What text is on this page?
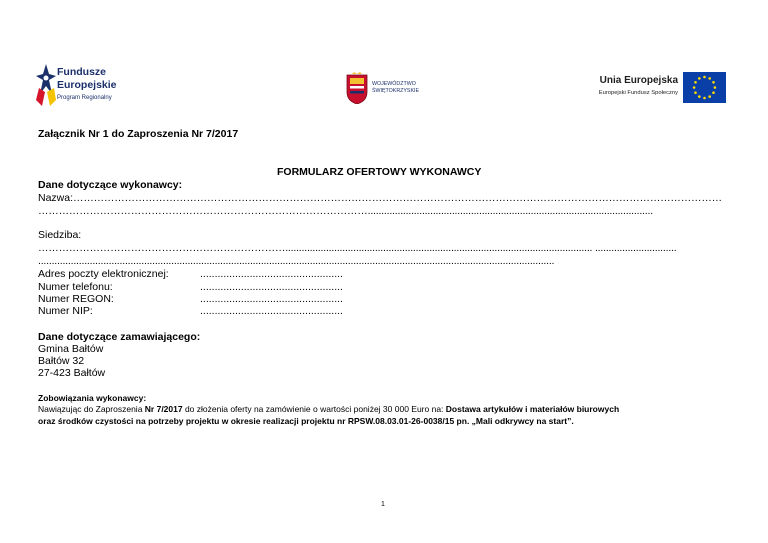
Fundusze
Europejskie
Program Regionalny
WOJEWÓDZTWO
ŚWIĘTOKRZYSKIE
Unia Europejska
Europejski Fundusz Społeczny
Załącznik Nr 1 do Zaproszenia Nr 7/2017
FORMULARZ OFERTOWY WYKONAWCY
Dane dotyczące wykonawcy:
Nazwa:………………………………………………………………………………………………………………………………………………………………………
…………………………………………………………………………………….........................................................................................................
Siedziba:
………………………………………………………………................................................................................................................. ..............................
..............................................................................................................................................................................................
Adres poczty elektronicznej:	.................................................
Numer telefonu:	.................................................
Numer REGON:	.................................................
Numer NIP:	.................................................
Dane dotyczące zamawiającego:
Gmina Bałtów
Bałtów 32
27-423 Bałtów
Zobowiązania wykonawcy:
Nawiązując do Zaproszenia Nr 7/2017 do złożenia oferty na zamówienie o wartości poniżej 30 000 Euro na: Dostawa artykułów i materiałów biurowych
oraz środków czystości na potrzeby projektu w okresie realizacji projektu nr RPSW.08.03.01-26-0038/15 pn. „Mali odkrywcy na start”.
1
